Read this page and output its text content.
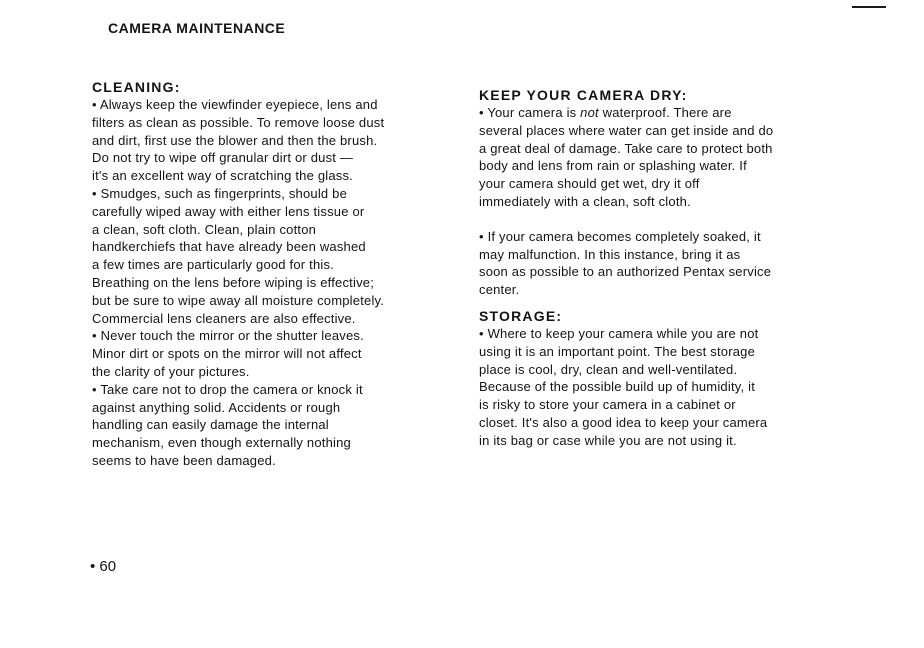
CAMERA MAINTENANCE
CLEANING:
• Always keep the viewfinder eyepiece, lens and
filters as clean as possible. To remove loose dust
and dirt, first use the blower and then the brush.
Do not try to wipe off granular dirt or dust —
it's an excellent way of scratching the glass.
• Smudges, such as fingerprints, should be
carefully wiped away with either lens tissue or
a clean, soft cloth. Clean, plain cotton
handkerchiefs that have already been washed
a few times are particularly good for this.
Breathing on the lens before wiping is effective;
but be sure to wipe away all moisture completely.
Commercial lens cleaners are also effective.
• Never touch the mirror or the shutter leaves.
Minor dirt or spots on the mirror will not affect
the clarity of your pictures.
• Take care not to drop the camera or knock it
against anything solid. Accidents or rough
handling can easily damage the internal
mechanism, even though externally nothing
seems to have been damaged.
KEEP YOUR CAMERA DRY:
• Your camera is not waterproof. There are
several places where water can get inside and do
a great deal of damage. Take care to protect both
body and lens from rain or splashing water. If
your camera should get wet, dry it off
immediately with a clean, soft cloth.
• If your camera becomes completely soaked, it
may malfunction. In this instance, bring it as
soon as possible to an authorized Pentax service
center.
STORAGE:
• Where to keep your camera while you are not
using it is an important point. The best storage
place is cool, dry, clean and well-ventilated.
Because of the possible build up of humidity, it
is risky to store your camera in a cabinet or
closet. It's also a good idea to keep your camera
in its bag or case while you are not using it.
• 60
